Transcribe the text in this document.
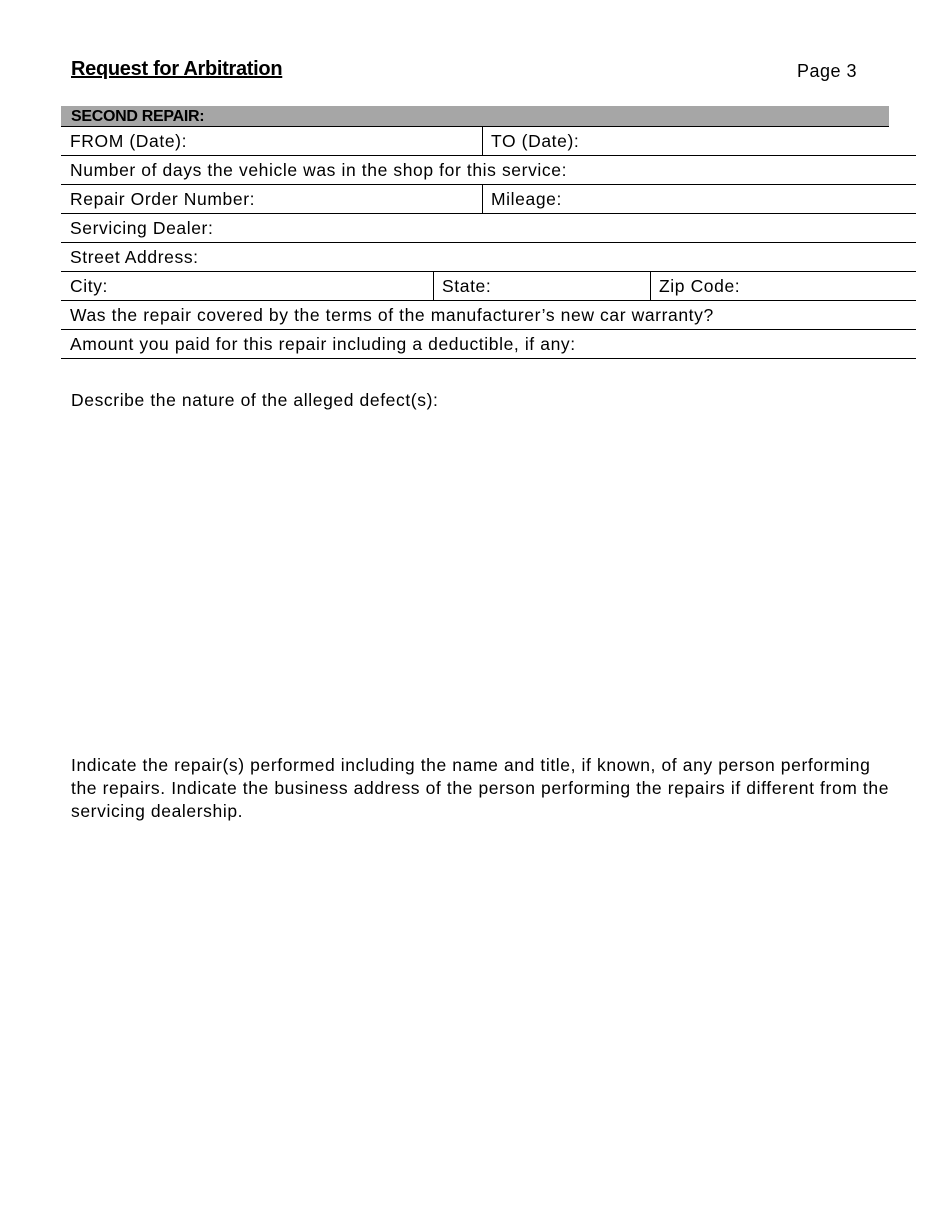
Request for Arbitration	Page 3
SECOND REPAIR:
FROM (Date):	TO (Date):
Number of days the vehicle was in the shop for this service:
Repair Order Number:	Mileage:
Servicing Dealer:
Street Address:
City:	State:	Zip Code:
Was the repair covered by the terms of the manufacturer’s new car warranty?
Amount you paid for this repair including a deductible, if any:
Describe the nature of the alleged defect(s):
Indicate the repair(s) performed including the name and title, if known, of any person performing the repairs. Indicate the business address of the person performing the repairs if different from the servicing dealership.
